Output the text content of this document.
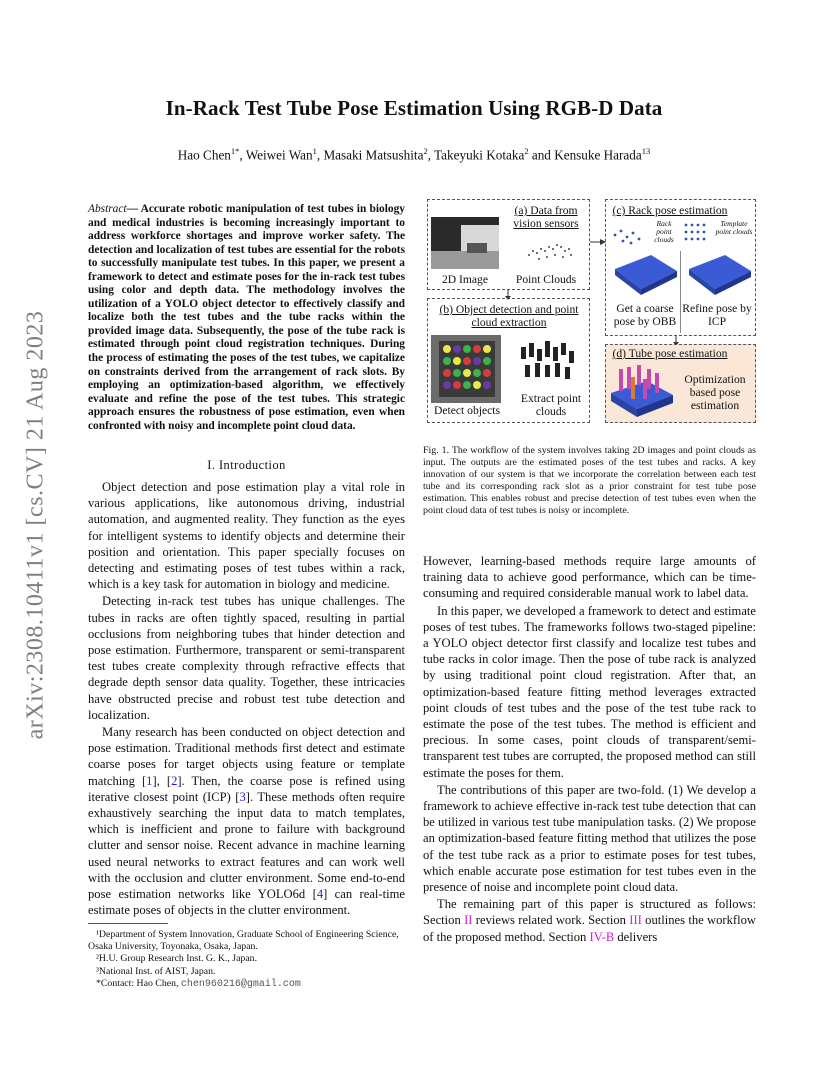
In-Rack Test Tube Pose Estimation Using RGB-D Data
Hao Chen$^{1*}$, Weiwei Wan$^1$, Masaki Matsushita$^2$, Takeyuki Kotaka$^2$ and Kensuke Harada$^{13}$
arXiv:2308.10411v1 [cs.CV] 21 Aug 2023
Abstract— Accurate robotic manipulation of test tubes in biology and medical industries is becoming increasingly important to address workforce shortages and improve worker safety. The detection and localization of test tubes are essential for the robots to successfully manipulate test tubes. In this paper, we present a framework to detect and estimate poses for the in-rack test tubes using color and depth data. The methodology involves the utilization of a YOLO object detector to effectively classify and localize both the test tubes and the tube racks within the provided image data. Subsequently, the pose of the tube rack is estimated through point cloud registration techniques. During the process of estimating the poses of the test tubes, we capitalize on constraints derived from the arrangement of rack slots. By employing an optimization-based algorithm, we effectively evaluate and refine the pose of the test tubes. This strategic approach ensures the robustness of pose estimation, even when confronted with noisy and incomplete point cloud data.
I. Introduction

Object detection and pose estimation play a vital role in various applications, like autonomous driving, industrial automation, and augmented reality. They function as the eyes for intelligent systems to identify objects and determine their position and orientation. This paper specially focuses on detecting and estimating poses of test tubes within a rack, which is a key task for automation in biology and medicine.

Detecting in-rack test tubes has unique challenges. The tubes in racks are often tightly spaced, resulting in partial occlusions from neighboring tubes that hinder detection and pose estimation. Furthermore, transparent or semi-transparent test tubes create complexity through refractive effects that degrade depth sensor data quality. Together, these intricacies have obstructed precise and robust test tube detection and localization.

Many research has been conducted on object detection and pose estimation. Traditional methods first detect and estimate coarse poses for target objects using feature or template matching [1], [2]. Then, the coarse pose is refined using iterative closest point (ICP) [3]. These methods often require exhaustively searching the input data to match templates, which is inefficient and prone to failure with background clutter and sensor noise. Recent advance in machine learning used neural networks to extract features and can work well with the occlusion and clutter environment. Some end-to-end pose estimation networks like YOLO6d [4] can real-time estimate poses of objects in the clutter environment.

¹Department of System Innovation, Graduate School of Engineering Science, Osaka University, Toyonaka, Osaka, Japan.

²H.U. Group Research Inst. G. K., Japan.

³National Inst. of AIST, Japan.

*Contact: Hao Chen, chen960216@gmail.com

(a) Data from vision sensors
2D Image	Point Clouds
(b) Object detection and point cloud extraction
Detect objects
Extract point clouds
(c) Rack pose estimation
Rack point clouds
Template point clouds
Get a coarse pose by OBB
Refine pose by ICP
(d) Tube pose estimation
Optimization based pose estimation
Fig. 1. The workflow of the system involves taking 2D images and point clouds as input. The outputs are the estimated poses of the test tubes and racks. A key innovation of our system is that we incorporate the correlation between each test tube and its corresponding rack slot as a prior constraint for test tube pose estimation. This enables robust and precise detection of test tubes even when the point cloud data of test tubes is noisy or incomplete.

However, learning-based methods require large amounts of training data to achieve good performance, which can be time-consuming and required considerable manual work to label data.

In this paper, we developed a framework to detect and estimate poses of test tubes. The frameworks follows two-staged pipeline: a YOLO object detector first classify and localize test tubes and tube racks in color image. Then the pose of tube rack is analyzed by using traditional point cloud registration. After that, an optimization-based feature fitting method leverages extracted point clouds of test tubes and the pose of the test tube rack to estimate the pose of the test tubes. The method is efficient and precious. In some cases, point clouds of transparent/semi-transparent test tubes are corrupted, the proposed method can still estimate the poses for them.

The contributions of this paper are two-fold. (1) We develop a framework to achieve effective in-rack test tube detection that can be utilized in various test tube manipulation tasks. (2) We propose an optimization-based feature fitting method that utilizes the pose of the test tube rack as a prior to estimate poses for test tubes, which enable accurate pose estimation for test tubes even in the presence of noise and incomplete point cloud data.

The remaining part of this paper is structured as follows: Section II reviews related work. Section III outlines the workflow of the proposed method. Section IV-B delivers
